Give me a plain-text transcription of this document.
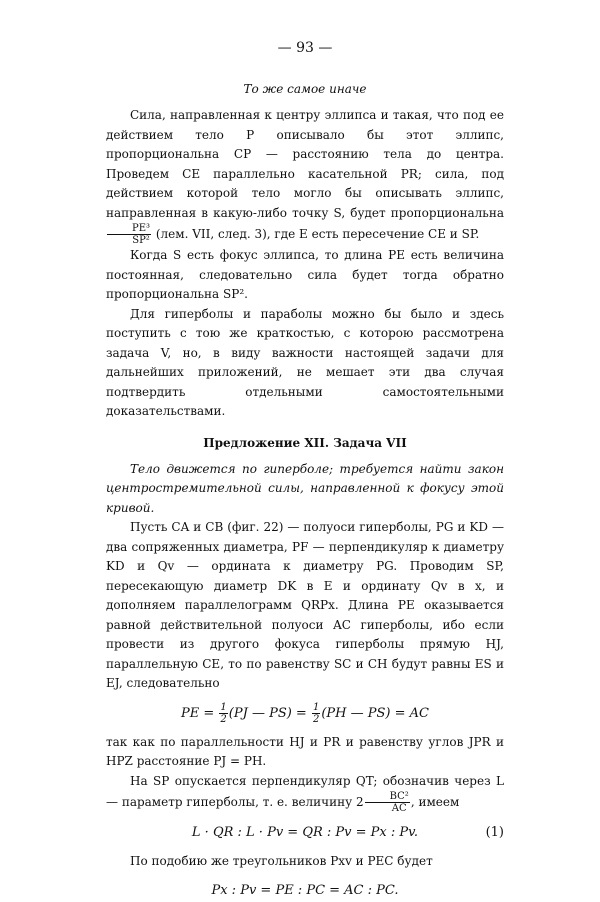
— 93 —
То же самое иначе

Сила, направленная к центру эллипса и такая, что под ее действием тело P описывало бы этот эллипс, пропорциональна CP — расстоянию тела до центра. Проведем CE параллельно касательной PR; сила, под действием которой тело могло бы описывать эллипс, направленная в какую-либо точку S, будет пропорциональна
$\frac{\text{PE³}}{\text{SP²}} (лем$. VII, след. 3), где E есть пересечение CE и SP.

Когда S есть фокус эллипса, то длина PE есть величина постоянная, следовательно сила будет тогда обратно пропорциональна SP².

Для гиперболы и параболы можно бы было и здесь поступить с тою же краткостью, с которою рассмотрена задача V, но, в виду важности настоящей задачи для дальнейших приложений, не мешает эти два случая подтвердить отдельными самостоятельными доказательствами.

Предложение XII. Задача VII

Тело движется по гиперболе; требуется найти закон центростремительной силы, направленной к фокусу этой кривой.

Пусть CA и CB (фиг. 22) — полуоси гиперболы, PG и KD — два сопряженных диаметра, PF — перпендикуляр к диаметру KD и Qv — ордината к диаметру PG. Проводим SP, пересекающую диаметр DK в E и ординату Qv в x, и дополняем параллелограмм QRPx. Длина PE оказывается равной действительной полуоси AC гиперболы, ибо если провести из другого фокуса гиперболы прямую HJ, параллельную CE, то по равенству SC и CH будут равны ES и EJ, следовательно

PE = $\frac{1}{2} (PJ$ — $PS) = \frac{1}{2} (PH$ — PS) = AC

так как по параллельности HJ и PR и равенству углов JPR и HPZ расстояние PJ = PH.

На SP опускается перпендикуляр QT; обозначив через L — параметр гиперболы, т. е. величину $2 \frac{\text{BC²}}{AC}$ , имеем

L · QR : L · Pv = QR : Pv = Px : Pv.	(1)

По подобию же треугольников Pxv и PEC будет

Px : Pv = PE : PC = AC : PC.
